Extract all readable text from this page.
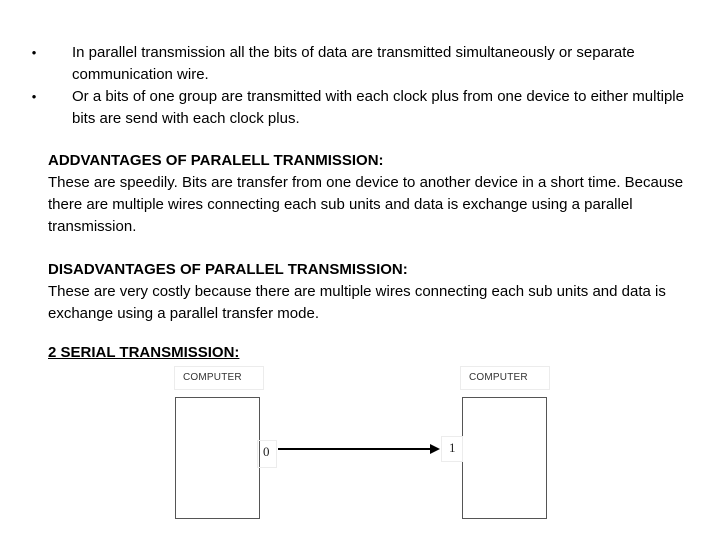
• In parallel transmission all the bits of data are transmitted simultaneously or separate communication wire.
• Or a bits of one group are transmitted with each clock plus from one device to either multiple bits are send with each clock plus.
ADDVANTAGES OF PARALELL TRANMISSION:
These are speedily. Bits are transfer from one device to another device in a short time. Because there are multiple wires connecting each sub units and data is exchange using a parallel transmission.
DISADVANTAGES OF PARALLEL TRANSMISSION:
These are very costly because there are multiple wires connecting each sub units and data is exchange using a parallel transfer mode.
2 SERIAL TRANSMISSION:
COMPUTER	COMPUTER
0	1
